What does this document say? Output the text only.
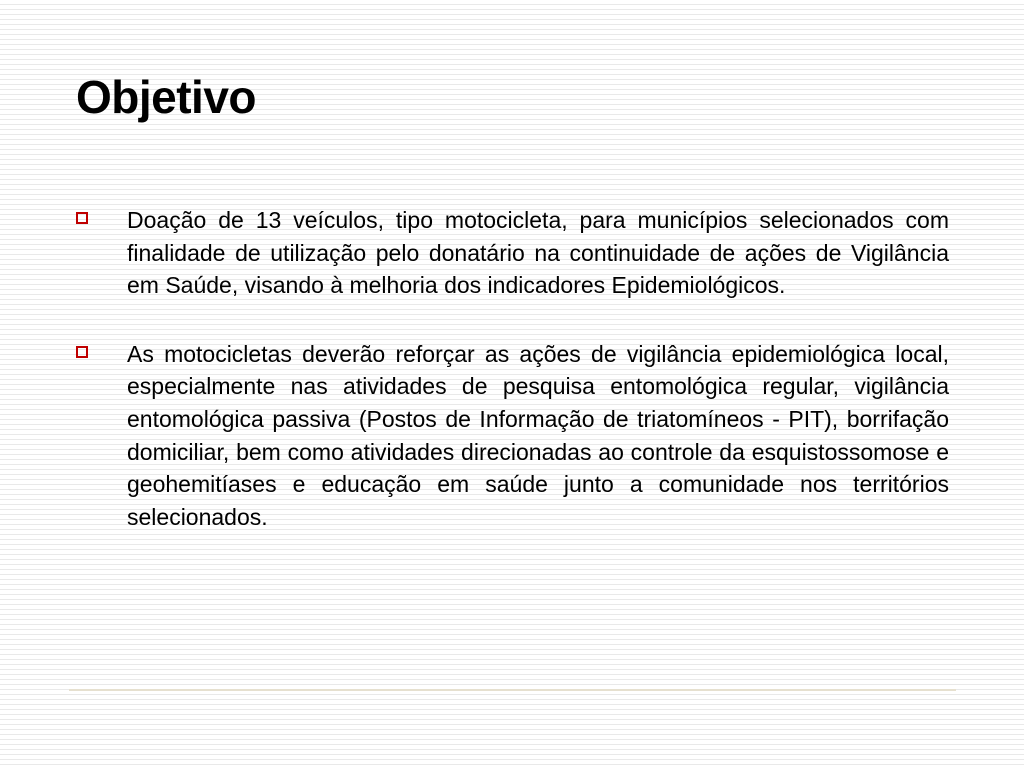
Objetivo
Doação de 13 veículos, tipo motocicleta, para municípios selecionados com finalidade de utilização pelo donatário na continuidade de ações de Vigilância em Saúde, visando à melhoria dos indicadores Epidemiológicos.
As motocicletas deverão reforçar as ações de vigilância epidemiológica local, especialmente nas atividades de pesquisa entomológica regular, vigilância entomológica passiva (Postos de Informação de triatomíneos - PIT), borrifação domiciliar, bem como atividades direcionadas ao controle da esquistossomose e geohemitíases e educação em saúde junto a comunidade nos territórios selecionados.
